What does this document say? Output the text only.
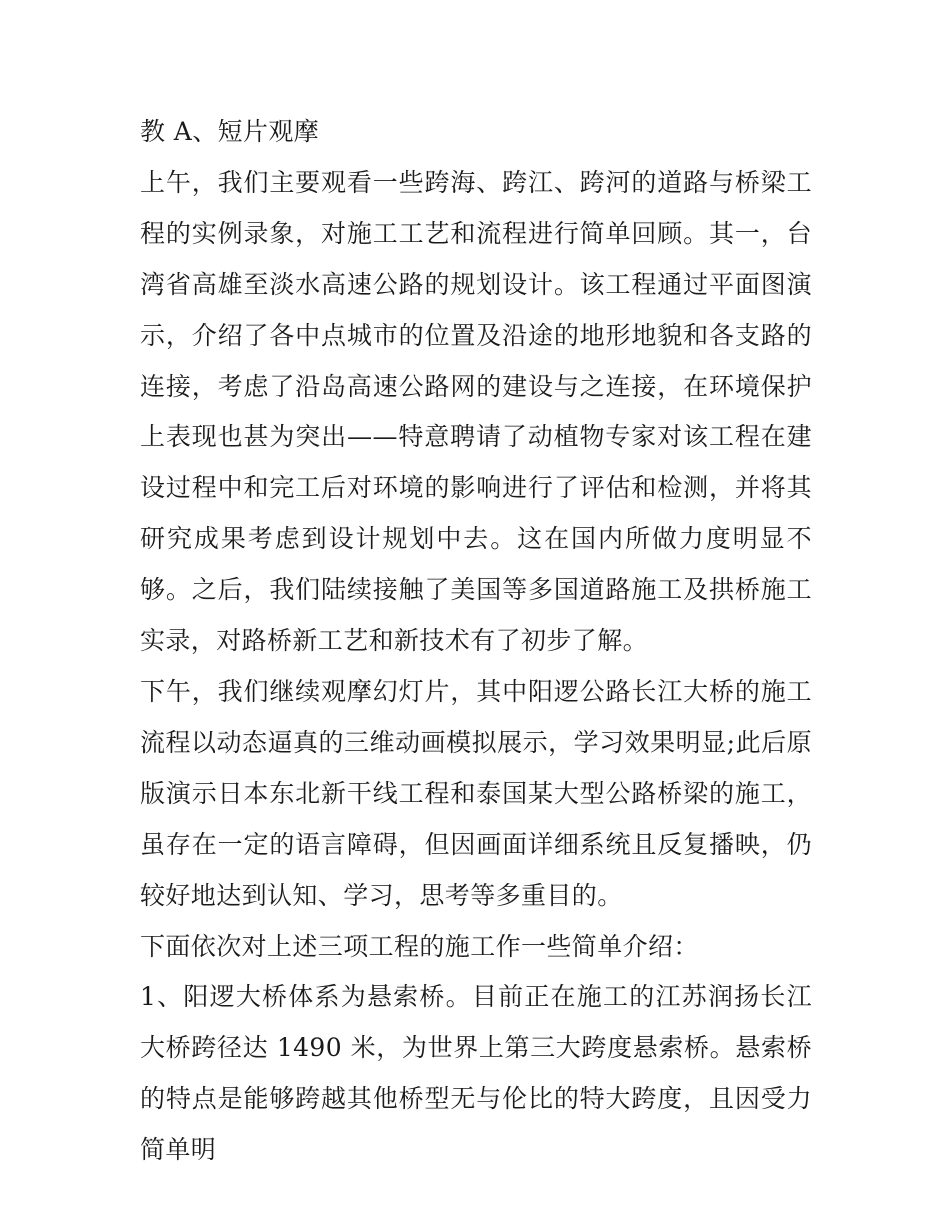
教 A、短片观摩

上午，我们主要观看一些跨海、跨江、跨河的道路与桥梁工程的实例录象，对施工工艺和流程进行简单回顾。其一，台湾省高雄至淡水高速公路的规划设计。该工程通过平面图演示，介绍了各中点城市的位置及沿途的地形地貌和各支路的连接，考虑了沿岛高速公路网的建设与之连接，在环境保护上表现也甚为突出——特意聘请了动植物专家对该工程在建设过程中和完工后对环境的影响进行了评估和检测，并将其研究成果考虑到设计规划中去。这在国内所做力度明显不够。之后，我们陆续接触了美国等多国道路施工及拱桥施工实录，对路桥新工艺和新技术有了初步了解。

下午，我们继续观摩幻灯片，其中阳逻公路长江大桥的施工流程以动态逼真的三维动画模拟展示，学习效果明显;此后原版演示日本东北新干线工程和泰国某大型公路桥梁的施工，虽存在一定的语言障碍，但因画面详细系统且反复播映，仍较好地达到认知、学习，思考等多重目的。

下面依次对上述三项工程的施工作一些简单介绍：

1、阳逻大桥体系为悬索桥。目前正在施工的江苏润扬长江大桥跨径达 1490 米，为世界上第三大跨度悬索桥。悬索桥的特点是能够跨越其他桥型无与伦比的特大跨度，且因受力简单明
